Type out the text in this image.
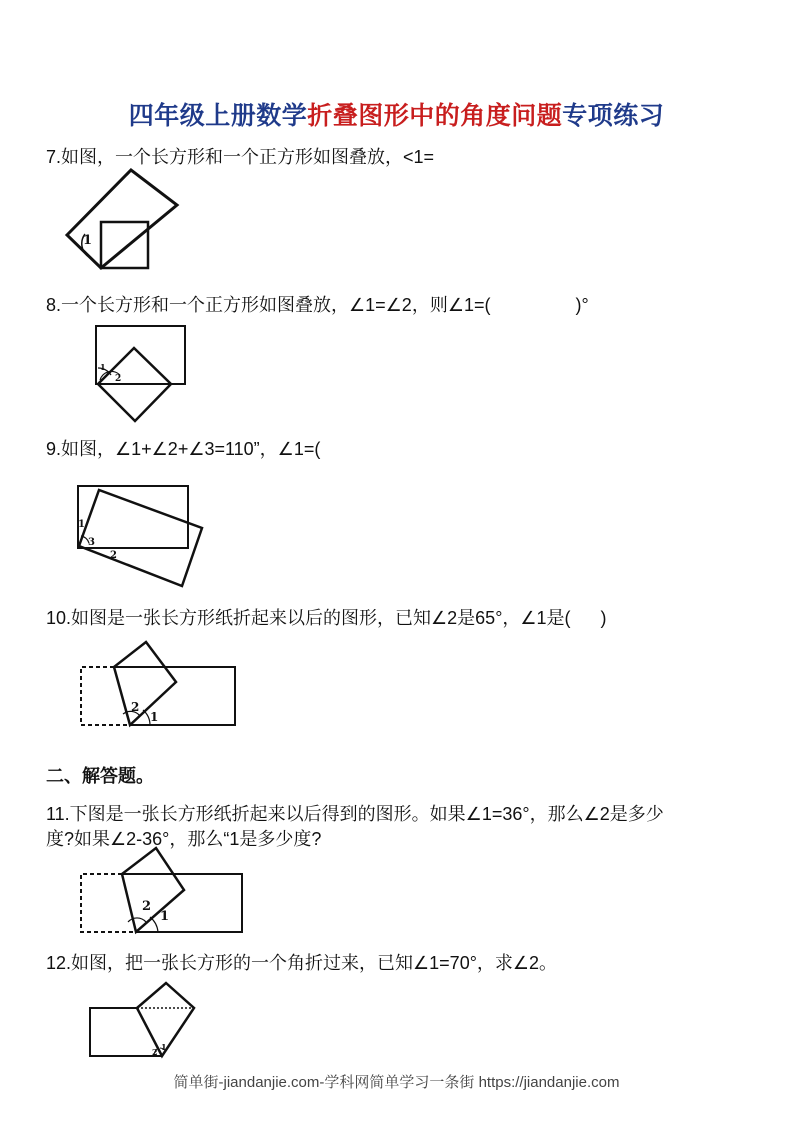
四年级上册数学折叠图形中的角度问题专项练习
7.如图，一个长方形和一个正方形如图叠放，<1=
1
8.一个长方形和一个正方形如图叠放，∠1=∠2，则∠1=(                 )°
1
2
9.如图，∠1+∠2+∠3=110”，∠1=(
1
3
2
10.如图是一张长方形纸折起来以后的图形，已知∠2是65°，∠1是(      )
2
1
二、解答题。
11.下图是一张长方形纸折起来以后得到的图形。如果∠1=36°，那么∠2是多少
度?如果∠2-36°，那么“1是多少度?
2
1
12.如图，把一张长方形的一个角折过来，已知∠1=70°，求∠2。
2 1
简单街-jiandanjie.com-学科网简单学习一条街 https://jiandanjie.com
